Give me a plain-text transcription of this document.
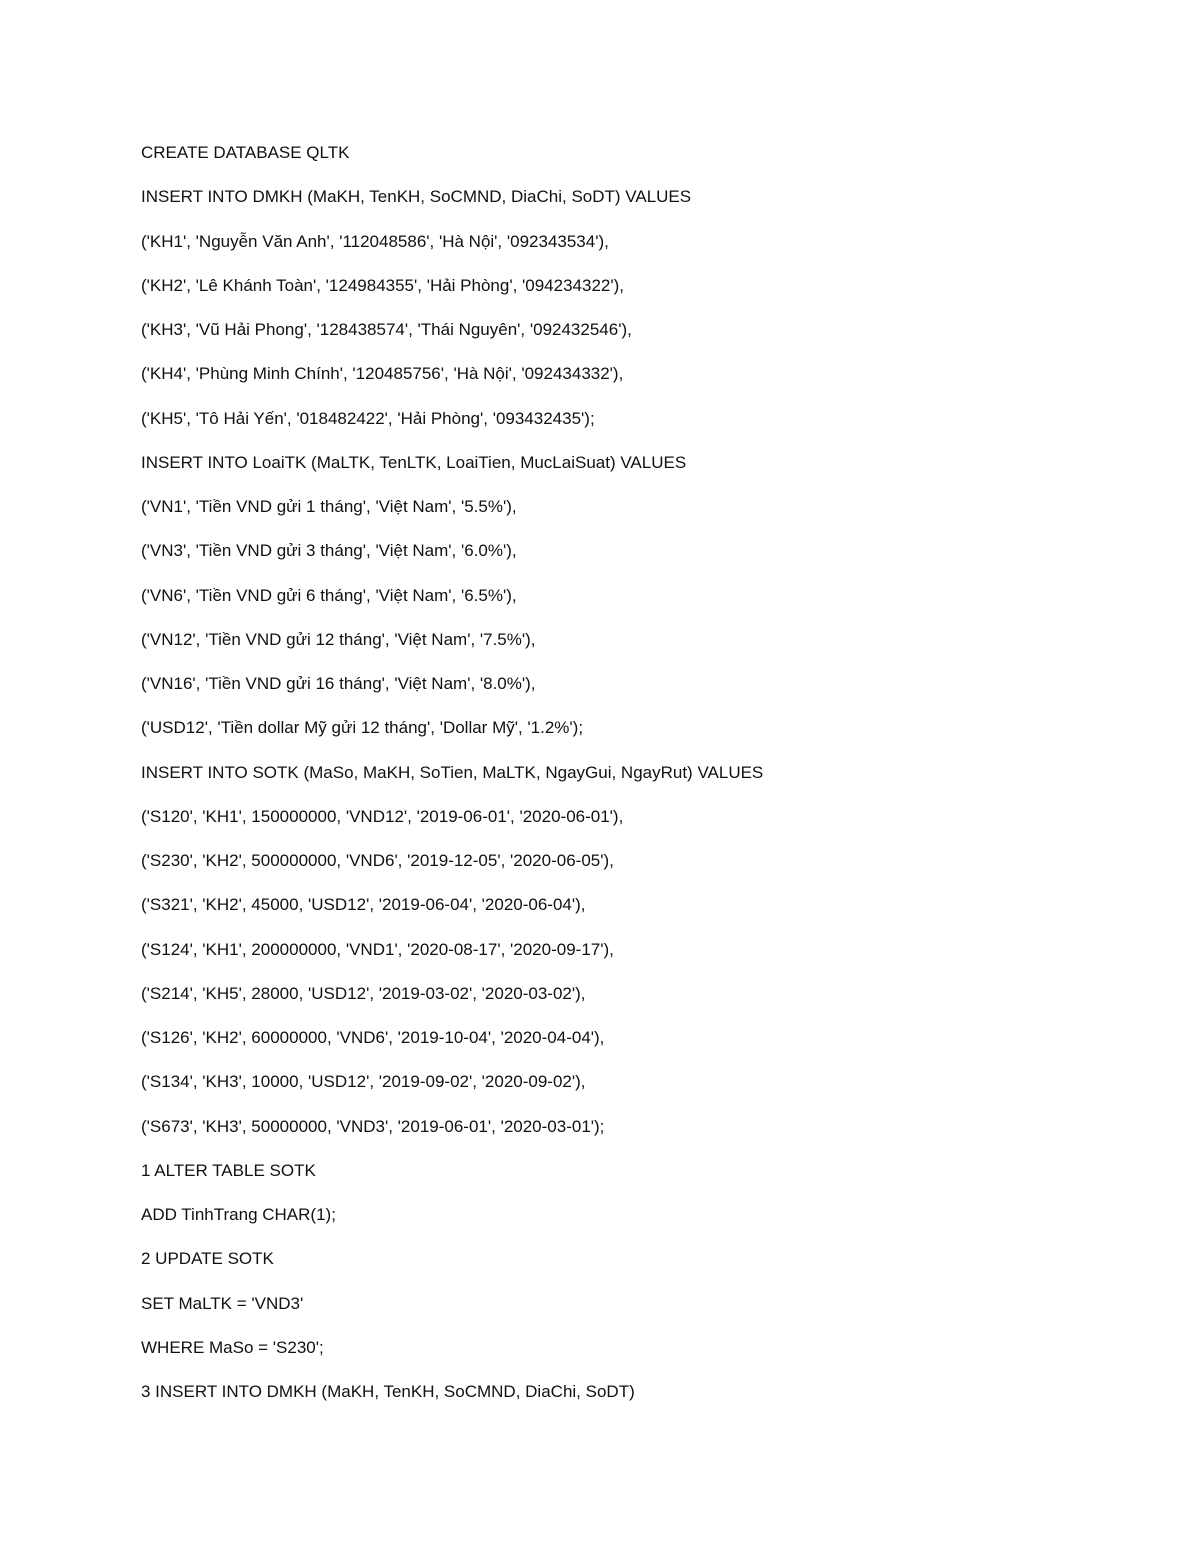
CREATE DATABASE QLTK

INSERT INTO DMKH (MaKH, TenKH, SoCMND, DiaChi, SoDT) VALUES

('KH1', 'Nguyễn Văn Anh', '112048586', 'Hà Nội', '092343534'),

('KH2', 'Lê Khánh Toàn', '124984355', 'Hải Phòng', '094234322'),

('KH3', 'Vũ Hải Phong', '128438574', 'Thái Nguyên', '092432546'),

('KH4', 'Phùng Minh Chính', '120485756', 'Hà Nội', '092434332'),

('KH5', 'Tô Hải Yến', '018482422', 'Hải Phòng', '093432435');

INSERT INTO LoaiTK (MaLTK, TenLTK, LoaiTien, MucLaiSuat) VALUES

('VN1', 'Tiền VND gửi 1 tháng', 'Việt Nam', '5.5%'),

('VN3', 'Tiền VND gửi 3 tháng', 'Việt Nam', '6.0%'),

('VN6', 'Tiền VND gửi 6 tháng', 'Việt Nam', '6.5%'),

('VN12', 'Tiền VND gửi 12 tháng', 'Việt Nam', '7.5%'),

('VN16', 'Tiền VND gửi 16 tháng', 'Việt Nam', '8.0%'),

('USD12', 'Tiền dollar Mỹ gửi 12 tháng', 'Dollar Mỹ', '1.2%');

INSERT INTO SOTK (MaSo, MaKH, SoTien, MaLTK, NgayGui, NgayRut) VALUES

('S120', 'KH1', 150000000, 'VND12', '2019-06-01', '2020-06-01'),

('S230', 'KH2', 500000000, 'VND6', '2019-12-05', '2020-06-05'),

('S321', 'KH2', 45000, 'USD12', '2019-06-04', '2020-06-04'),

('S124', 'KH1', 200000000, 'VND1', '2020-08-17', '2020-09-17'),

('S214', 'KH5', 28000, 'USD12', '2019-03-02', '2020-03-02'),

('S126', 'KH2', 60000000, 'VND6', '2019-10-04', '2020-04-04'),

('S134', 'KH3', 10000, 'USD12', '2019-09-02', '2020-09-02'),

('S673', 'KH3', 50000000, 'VND3', '2019-06-01', '2020-03-01');

1 ALTER TABLE SOTK

ADD TinhTrang CHAR(1);

2 UPDATE SOTK

SET MaLTK = 'VND3'

WHERE MaSo = 'S230';

3 INSERT INTO DMKH (MaKH, TenKH, SoCMND, DiaChi, SoDT)
